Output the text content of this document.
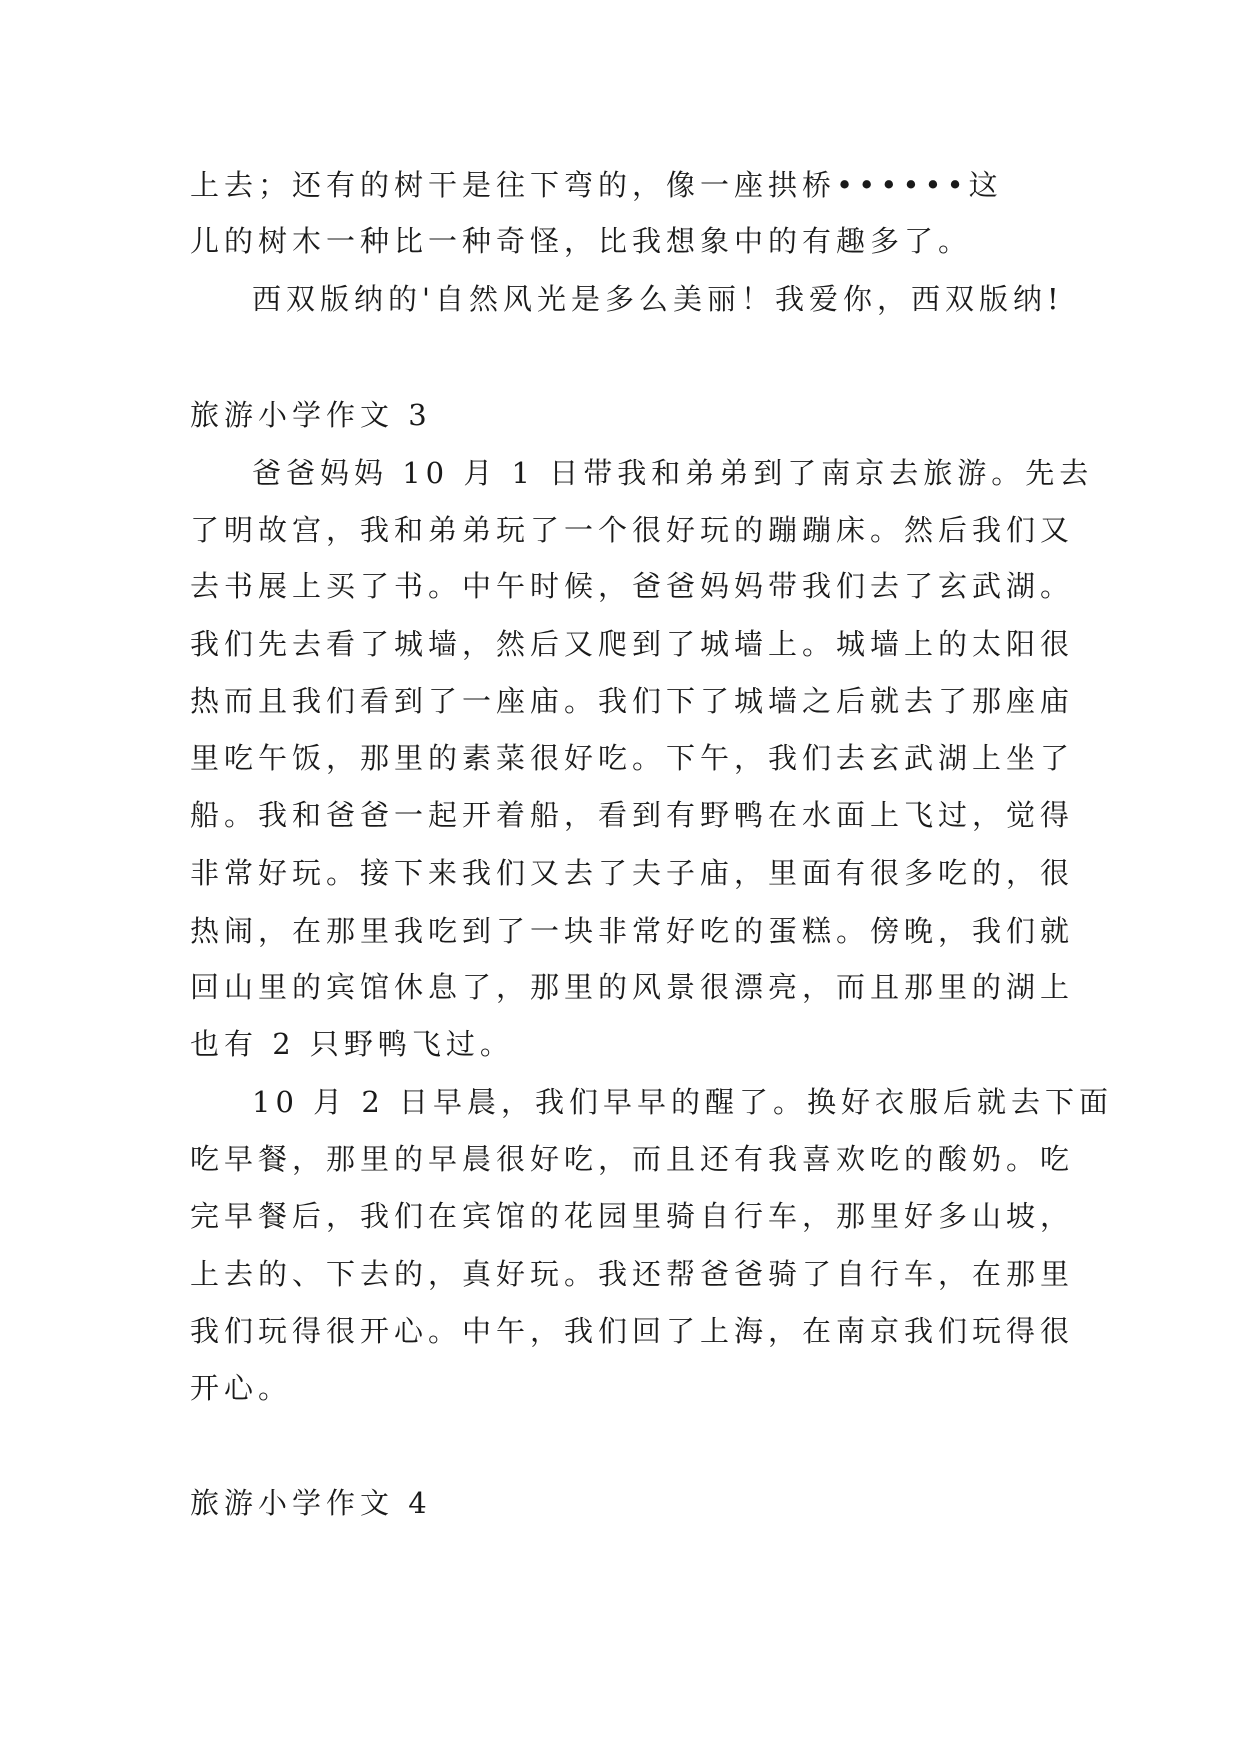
上去；还有的树干是往下弯的，像一座拱桥••••••这
儿的树木一种比一种奇怪，比我想象中的有趣多了。
西双版纳的'自然风光是多么美丽！我爱你，西双版纳!
旅游小学作文 3
爸爸妈妈 10 月 1 日带我和弟弟到了南京去旅游。先去
了明故宫，我和弟弟玩了一个很好玩的蹦蹦床。然后我们又
去书展上买了书。中午时候，爸爸妈妈带我们去了玄武湖。
我们先去看了城墙，然后又爬到了城墙上。城墙上的太阳很
热而且我们看到了一座庙。我们下了城墙之后就去了那座庙
里吃午饭，那里的素菜很好吃。下午，我们去玄武湖上坐了
船。我和爸爸一起开着船，看到有野鸭在水面上飞过，觉得
非常好玩。接下来我们又去了夫子庙，里面有很多吃的，很
热闹，在那里我吃到了一块非常好吃的蛋糕。傍晚，我们就
回山里的宾馆休息了，那里的风景很漂亮，而且那里的湖上
也有 2 只野鸭飞过。
10 月 2 日早晨，我们早早的醒了。换好衣服后就去下面
吃早餐，那里的早晨很好吃，而且还有我喜欢吃的酸奶。吃
完早餐后，我们在宾馆的花园里骑自行车，那里好多山坡，
上去的、下去的，真好玩。我还帮爸爸骑了自行车，在那里
我们玩得很开心。中午，我们回了上海，在南京我们玩得很
开心。
旅游小学作文 4
